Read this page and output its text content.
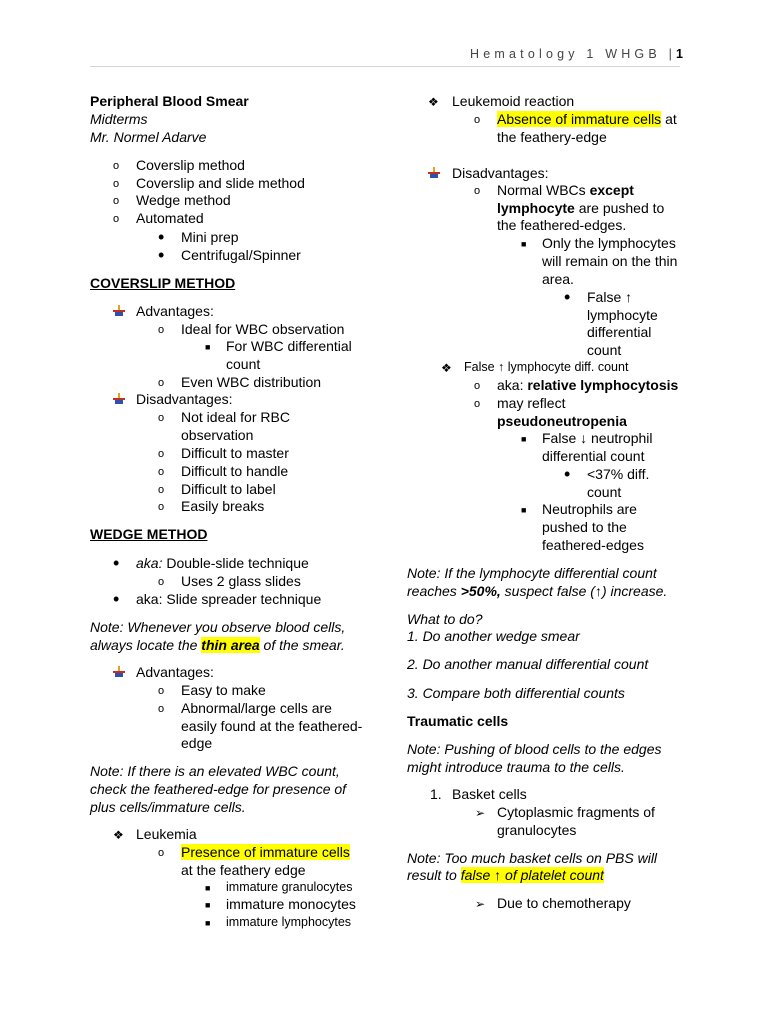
Hematology 1 WHGB |1
Peripheral Blood Smear
Midterms
Mr. Normel Adarve
o Coverslip method
o Coverslip and slide method
o Wedge method
o Automated
• Mini prep
• Centrifugal/Spinner
COVERSLIP METHOD
Advantages:
o Ideal for WBC observation
■ For WBC differential
count
o Even WBC distribution
Disadvantages:
o Not ideal for RBC
observation
o Difficult to master
o Difficult to handle
o Difficult to label
o Easily breaks
WEDGE METHOD
• aka: Double-slide technique
o Uses 2 glass slides
• aka: Slide spreader technique
Note: Whenever you observe blood cells,
always locate the thin area of the smear.
Advantages:
o Easy to make
o Abnormal/large cells are
easily found at the feathered-
edge
Note: If there is an elevated WBC count,
check the feathered-edge for presence of
plus cells/immature cells.
❖ Leukemia
o Presence of immature cells
at the feathery edge
■ immature granulocytes
■ immature monocytes
■ immature lymphocytes
❖ Leukemoid reaction
o Absence of immature cells at
the feathery-edge
Disadvantages:
o Normal WBCs except
lymphocyte are pushed to
the feathered-edges.
■ Only the lymphocytes
will remain on the thin
area.
• False ↑
lymphocyte
differential
count
❖ False ↑ lymphocyte diff. count
o aka: relative lymphocytosis
o may reflect
pseudoneutropenia
■ False ↓ neutrophil
differential count
• <37% diff.
count
■ Neutrophils are
pushed to the
feathered-edges
Note: If the lymphocyte differential count
reaches >50%, suspect false (↑) increase.
What to do?
1. Do another wedge smear
2. Do another manual differential count
3. Compare both differential counts
Traumatic cells
Note: Pushing of blood cells to the edges
might introduce trauma to the cells.
1. Basket cells
➢ Cytoplasmic fragments of
granulocytes
Note: Too much basket cells on PBS will
result to false ↑ of platelet count
➢ Due to chemotherapy
